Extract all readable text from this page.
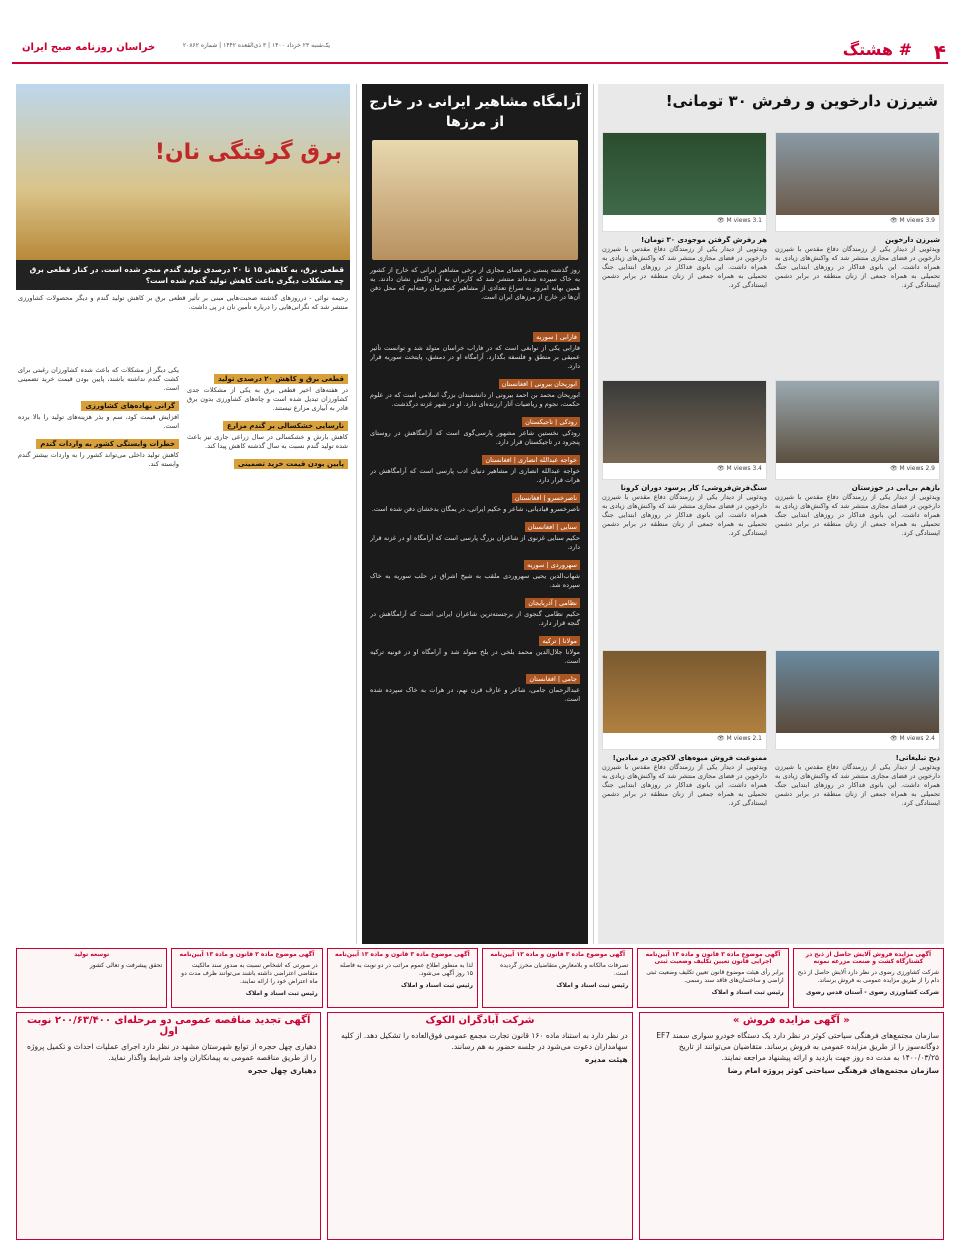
۴
# هشتگ
خراسان روزنامه صبح ایران	یک‌شنبه ۲۳ خرداد ۱۴۰۰ | ۳ ذی‌القعده ۱۴۴۲ | شماره ۲۰۸۶۲
شیرزن دارخوین و رفرش ۳۰ تومانی!
3.9 M views 👁
3.1 M views 👁
شیرزن دارخوین

ویدئویی از دیدار یکی از رزمندگان دفاع مقدس با شیرزن دارخوین در فضای مجازی منتشر شد که واکنش‌های زیادی به همراه داشت. این بانوی فداکار در روزهای ابتدایی جنگ تحمیلی به همراه جمعی از زنان منطقه در برابر دشمن ایستادگی کرد.

هر رفرش گرفتن موجودی ۳۰ تومان!

ویدئویی از دیدار یکی از رزمندگان دفاع مقدس با شیرزن دارخوین در فضای مجازی منتشر شد که واکنش‌های زیادی به همراه داشت. این بانوی فداکار در روزهای ابتدایی جنگ تحمیلی به همراه جمعی از زنان منطقه در برابر دشمن ایستادگی کرد.

2.9 M views 👁
3.4 M views 👁
بازهم بی‌آبی در خوزستان

ویدئویی از دیدار یکی از رزمندگان دفاع مقدس با شیرزن دارخوین در فضای مجازی منتشر شد که واکنش‌های زیادی به همراه داشت. این بانوی فداکار در روزهای ابتدایی جنگ تحمیلی به همراه جمعی از زنان منطقه در برابر دشمن ایستادگی کرد.

سنگ‌فرش‌فروشی؛ کار پرسود دوران کرونا

ویدئویی از دیدار یکی از رزمندگان دفاع مقدس با شیرزن دارخوین در فضای مجازی منتشر شد که واکنش‌های زیادی به همراه داشت. این بانوی فداکار در روزهای ابتدایی جنگ تحمیلی به همراه جمعی از زنان منطقه در برابر دشمن ایستادگی کرد.

2.4 M views 👁
2.1 M views 👁
ذبح تبلیغاتی!

ویدئویی از دیدار یکی از رزمندگان دفاع مقدس با شیرزن دارخوین در فضای مجازی منتشر شد که واکنش‌های زیادی به همراه داشت. این بانوی فداکار در روزهای ابتدایی جنگ تحمیلی به همراه جمعی از زنان منطقه در برابر دشمن ایستادگی کرد.

ممنوعیت فروش میوه‌های لاکچری در میادین!

ویدئویی از دیدار یکی از رزمندگان دفاع مقدس با شیرزن دارخوین در فضای مجازی منتشر شد که واکنش‌های زیادی به همراه داشت. این بانوی فداکار در روزهای ابتدایی جنگ تحمیلی به همراه جمعی از زنان منطقه در برابر دشمن ایستادگی کرد.

آرامگاه مشاهیر ایرانی در خارج از مرزها
روز گذشته پستی در فضای مجازی از برخی مشاهیر ایرانی که خارج از کشور به خاک سپرده شده‌اند منتشر شد که کاربران به آن واکنش نشان دادند. به همین بهانه امروز به سراغ تعدادی از مشاهیر کشورمان رفته‌ایم که محل دفن آن‌ها در خارج از مرزهای ایران است.
فارابی | سوریه
فارابی یکی از نوابغی است که در فاراب خراسان متولد شد و توانست تأثیر عمیقی بر منطق و فلسفه بگذارد. آرامگاه او در دمشق، پایتخت سوریه قرار دارد.
ابوریحان بیرونی | افغانستان
ابوریحان محمد بن احمد بیرونی از دانشمندان بزرگ اسلامی است که در علوم حکمت، نجوم و ریاضیات آثار ارزنده‌ای دارد. او در شهر غزنه درگذشت.
رودکی | تاجیکستان
رودکی نخستین شاعر مشهور پارسی‌گوی است که آرامگاهش در روستای پنجرود در تاجیکستان قرار دارد.
خواجه عبدالله انصاری | افغانستان
خواجه عبدالله انصاری از مشاهیر دنیای ادب پارسی است که آرامگاهش در هرات قرار دارد.
ناصرخسرو | افغانستان
ناصرخسرو قبادیانی، شاعر و حکیم ایرانی، در یمگان بدخشان دفن شده است.
سنایی | افغانستان
حکیم سنایی غزنوی از شاعران بزرگ پارسی است که آرامگاه او در غزنه قرار دارد.
سهروردی | سوریه
شهاب‌الدین یحیی سهروردی ملقب به شیخ اشراق در حلب سوریه به خاک سپرده شد.
نظامی | آذربایجان
حکیم نظامی گنجوی از برجسته‌ترین شاعران ایرانی است که آرامگاهش در گنجه قرار دارد.
مولانا | ترکیه
مولانا جلال‌الدین محمد بلخی در بلخ متولد شد و آرامگاه او در قونیه ترکیه است.
جامی | افغانستان
عبدالرحمان جامی، شاعر و عارف قرن نهم، در هرات به خاک سپرده شده است.
برق گرفتگی نان!
قطعی برق، به کاهش ۱۵ تا ۲۰ درصدی تولید گندم منجر شده است. در کنار قطعی برق چه مشکلات دیگری باعث کاهش تولید گندم شده است؟
رحیمه نوائی - درروزهای گذشته صحبت‌هایی مبنی بر تأثیر قطعی برق بر کاهش تولید گندم و دیگر محصولات کشاورزی منتشر شد که نگرانی‌هایی را درباره تأمین نان در پی داشت.
قطعی برق و کاهش ۲۰ درصدی تولید
در هفته‌های اخیر قطعی برق به یکی از مشکلات جدی کشاورزان تبدیل شده است و چاه‌های کشاورزی بدون برق قادر به آبیاری مزارع نیستند.
نارسایی خشکسالی بر گندم مزارع
کاهش بارش و خشکسالی در سال زراعی جاری نیز باعث شده تولید گندم نسبت به سال گذشته کاهش پیدا کند.
پایین بودن قیمت خرید تضمینی
یکی دیگر از مشکلات که باعث شده کشاورزان رغبتی برای کشت گندم نداشته باشند، پایین بودن قیمت خرید تضمینی است.
گرانی نهاده‌های کشاورزی
افزایش قیمت کود، سم و بذر هزینه‌های تولید را بالا برده است.
خطرات وابستگی کشور به واردات گندم
کاهش تولید داخلی می‌تواند کشور را به واردات بیشتر گندم وابسته کند.
آگهی مزایده فروش آلایش حاصل از ذبح در کشتارگاه کشت و صنعت مزرعه نمونه
شرکت کشاورزی رضوی در نظر دارد آلایش حاصل از ذبح دام را از طریق مزایده عمومی به فروش برساند.
شرکت کشاورزی رضوی - آستان قدس رضوی
آگهی موضوع ماده ۳ قانون و ماده ۱۳ آیین‌نامه اجرایی قانون تعیین تکلیف وضعیت ثبتی
برابر رأی هیئت موضوع قانون تعیین تکلیف وضعیت ثبتی اراضی و ساختمان‌های فاقد سند رسمی.
رئیس ثبت اسناد و املاک
آگهی موضوع ماده ۳ قانون و ماده ۱۳ آیین‌نامه
تصرفات مالکانه و بلامعارض متقاضیان محرز گردیده است.
رئیس ثبت اسناد و املاک
آگهی موضوع ماده ۳ قانون و ماده ۱۳ آیین‌نامه
لذا به منظور اطلاع عموم مراتب در دو نوبت به فاصله ۱۵ روز آگهی می‌شود.
رئیس ثبت اسناد و املاک
آگهی موضوع ماده ۳ قانون و ماده ۱۳ آیین‌نامه
در صورتی که اشخاص نسبت به صدور سند مالکیت متقاضی اعتراضی داشته باشند می‌توانند ظرف مدت دو ماه اعتراض خود را ارائه نمایند.
رئیس ثبت اسناد و املاک
توسعه تولید
تحقق پیشرفت و تعالی کشور
« آگهی مزایده فروش »
سازمان مجتمع‌های فرهنگی سیاحتی کوثر در نظر دارد یک دستگاه خودرو سواری سمند EF7 دوگانه‌سوز را از طریق مزایده عمومی به فروش برساند. متقاضیان می‌توانند از تاریخ ۱۴۰۰/۰۳/۲۵ به مدت ده روز جهت بازدید و ارائه پیشنهاد مراجعه نمایند.
سازمان مجتمع‌های فرهنگی سیاحتی کوثر پروژه امام رضا
شرکت آبادگران الکوک
در نظر دارد به استناد ماده ۱۶۰ قانون تجارت مجمع عمومی فوق‌العاده را تشکیل دهد. از کلیه سهامداران دعوت می‌شود در جلسه حضور به هم رسانند.
هیئت مدیره
آگهی تجدید مناقصه عمومی دو مرحله‌ای ۲۰۰/۶۳/۴۰۰ نوبت اول
دهیاری چهل حجره از توابع شهرستان مشهد در نظر دارد اجرای عملیات احداث و تکمیل پروژه را از طریق مناقصه عمومی به پیمانکاران واجد شرایط واگذار نماید.
دهیاری چهل حجره
